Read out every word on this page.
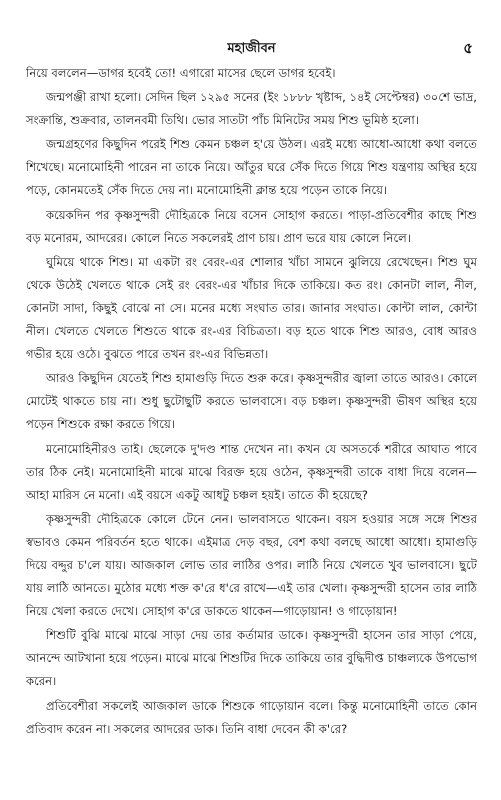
মহাজীবন	৫

নিয়ে বললেন—ডাগর হবেই তো! এগারো মাসের ছেলে ডাগর হবেই।

জন্মপঞ্জী রাখা হলো। সেদিন ছিল ১২৯৫ সনের (ইং ১৮৮৮ খৃষ্টাব্দ, ১৪ই সেপ্টেম্বর) ৩০শে ভাদ্র, সংক্রান্তি, শুক্রবার, তালনবমী তিথি। ভোর সাতটা পাঁচ মিনিটের সময় শিশু ভূমিষ্ঠ হলো।

জন্মগ্রহণের কিছুদিন পরেই শিশু কেমন চঞ্চল হ'য়ে উঠল। এরই মধ্যে আধো-আধো কথা বলতে শিখেছে। মনোমোহিনী পারেন না তাকে নিয়ে। আঁতুর ঘরে সেঁক দিতে গিয়ে শিশু যন্ত্রণায় অস্থির হয়ে পড়ে, কোনমতেই সেঁক দিতে দেয় না। মনোমোহিনী ক্লান্ত হয়ে পড়েন তাকে নিয়ে।

কয়েকদিন পর কৃষ্ণসুন্দরী দৌহিত্রকে নিয়ে বসেন সোহাগ করতে। পাড়া-প্রতিবেশীর কাছে শিশু বড় মনোরম, আদরের। কোলে নিতে সকলেরই প্রাণ চায়। প্রাণ ভরে যায় কোলে নিলে।

ঘুমিয়ে থাকে শিশু। মা একটা রং বেরং-এর শোলার খাঁচা সামনে ঝুলিয়ে রেখেছেন। শিশু ঘুম থেকে উঠেই খেলতে থাকে সেই রং বেরং-এর খাঁচার দিকে তাকিয়ে। কত রং। কোনটা লাল, নীল, কোনটা সাদা, কিছুই বোঝে না সে। মনের মধ্যে সংঘাত তার। জানার সংঘাত। কোন্টা লাল, কোন্টা নীল। খেলতে খেলতে শিশুতে থাকে রং-এর বিচিত্রতা। বড় হতে থাকে শিশু আরও, বোধ আরও গভীর হয়ে ওঠে। বুঝতে পারে তখন রং-এর বিভিন্নতা।

আরও কিছুদিন যেতেই শিশু হামাগুড়ি দিতে শুরু করে। কৃষ্ণসুন্দরীর জ্বালা তাতে আরও। কোলে মোটেই থাকতে চায় না। শুধু ছুটোছুটি করতে ভালবাসে। বড় চঞ্চল। কৃষ্ণসুন্দরী ভীষণ অস্থির হয়ে পড়েন শিশুকে রক্ষা করতে গিয়ে।

মনোমোহিনীরও তাই। ছেলেকে দু'দণ্ড শান্ত দেখেন না। কখন যে অসতর্কে শরীরে আঘাত পাবে তার ঠিক নেই। মনোমোহিনী মাঝে মাঝে বিরক্ত হয়ে ওঠেন, কৃষ্ণসুন্দরী তাকে বাধা দিয়ে বলেন—আহা মারিস নে মনো। এই বয়সে একটু আধটু চঞ্চল হয়ই। তাতে কী হয়েছে?

কৃষ্ণসুন্দরী দৌহিত্রকে কোলে টেনে নেন। ভালবাসতে থাকেন। বয়স হওয়ার সঙ্গে সঙ্গে শিশুর স্বভাবও কেমন পরিবর্তন হতে থাকে। এইমাত্র দেড় বছর, বেশ কথা বলছে আধো আধো। হামাগুড়ি দিয়ে বদ্দুর চ'লে যায়। আজকাল লোভ তার লাঠির ওপর। লাঠি নিয়ে খেলতে খুব ভালবাসে। ছুটে যায় লাঠি আনতে। মুঠোর মধ্যে শক্ত ক'রে ধ'রে রাখে—এই তার খেলা। কৃষ্ণসুন্দরী হাসেন তার লাঠি নিয়ে খেলা করতে দেখে। সোহাগ ক'রে ডাকতে থাকেন—গাড়োয়ান! ও গাড়োয়ান!

শিশুটি বুঝি মাঝে মাঝে সাড়া দেয় তার কর্তামার ডাকে। কৃষ্ণসুন্দরী হাসেন তার সাড়া পেয়ে, আনন্দে আটখানা হয়ে পড়েন। মাঝে মাঝে শিশুটির দিকে তাকিয়ে তার বুদ্ধিদীপ্ত চাঞ্চল্যকে উপভোগ করেন।

প্রতিবেশীরা সকলেই আজকাল ডাকে শিশুকে গাড়োয়ান বলে। কিন্তু মনোমোহিনী তাতে কোন প্রতিবাদ করেন না। সকলের আদরের ডাক। তিনি বাধা দেবেন কী ক'রে?
